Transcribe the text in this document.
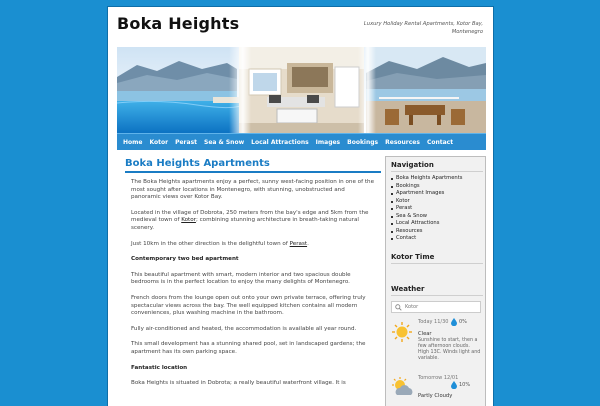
Boka Heights	Luxury Holiday Rental Apartments, Kotor Bay, Montenegro
Home Kotor Perast Sea & Snow Local Attractions Images Bookings Resources Contact
Boka Heights Apartments

The Boka Heights apartments enjoy a perfect, sunny west-facing position in one of the most sought after locations in Montenegro, with stunning, unobstructed and panoramic views over Kotor Bay.

Located in the village of Dobrota, 250 meters from the bay's edge and 5km from the medieval town of Kotor; combining stunning architecture in breath-taking natural scenery.

Just 10km in the other direction is the delightful town of Perast.

Contemporary two bed apartment

This beautiful apartment with smart, modern interior and two spacious double bedrooms is in the perfect location to enjoy the many delights of Montenegro.

French doors from the lounge open out onto your own private terrace, offering truly spectacular views across the bay. The well equipped kitchen contains all modern conveniences, plus washing machine in the bathroom.

Fully air-conditioned and heated, the accommodation is available all year round.

This small development has a stunning shared pool, set in landscaped gardens; the apartment has its own parking space.

Fantastic location

Boka Heights is situated in Dobrota; a really beautiful waterfront village. It is

Navigation
Boka Heights Apartments
Bookings
Apartment Images
Kotor
Perast
Sea & Snow
Local Attractions
Resources
Contact
Kotor Time
Weather
Kotor
Today 11/30	0%
Clear
Sunshine to start, then a few afternoon clouds. High 13C. Winds light and variable.
Tomorrow 12/01
10%
Partly Cloudy
